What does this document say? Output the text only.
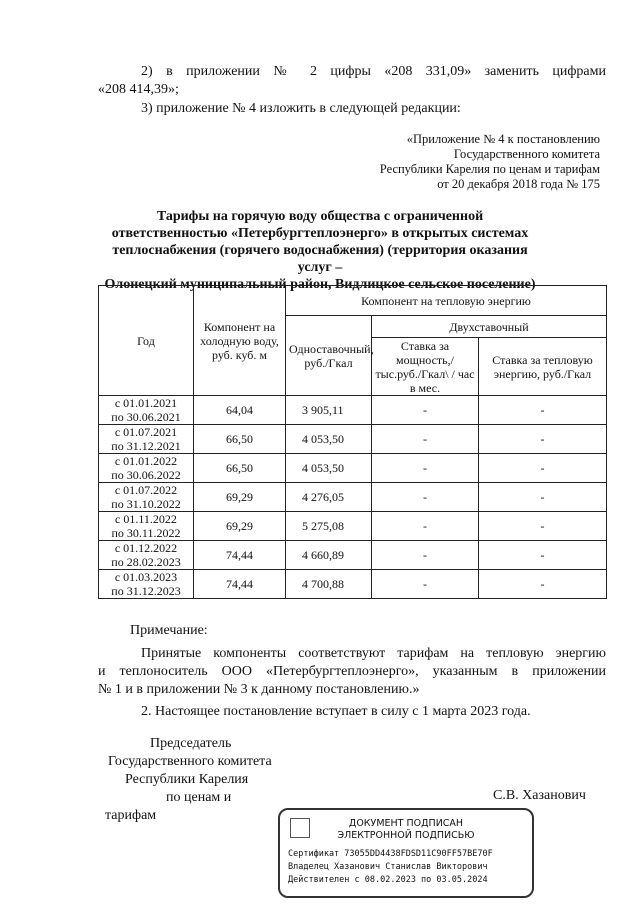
2) в приложении № 2 цифры «208 331,09» заменить цифрами
«208 414,39»;
3) приложение № 4 изложить в следующей редакции:
«Приложение № 4 к постановлению
Государственного комитета
Республики Карелия по ценам и тарифам
от 20 декабря 2018 года № 175
Тарифы на горячую воду общества с ограниченной
ответственностью «Петербургтеплоэнерго» в открытых системах
теплоснабжения (горячего водоснабжения) (территория оказания услуг –
Олонецкий муниципальный район, Видлицкое сельское поселение)
Год	Компонент на холодную воду, руб. куб. м	Компонент на тепловую энергию		
		Одноставочный, руб./Гкал	Двухставочный	
			Ставка за мощность,/ тыс.руб./Гкал\ / час в мес.	Ставка за тепловую энергию, руб./Гкал

с 01.01.2021
по 30.06.2021	64,04	3 905,11	-	-

с 01.07.2021
по 31.12.2021	66,50	4 053,50	-	-

с 01.01.2022
по 30.06.2022	66,50	4 053,50	-	-

с 01.07.2022
по 31.10.2022	69,29	4 276,05	-	-

с 01.11.2022
по 30.11.2022	69,29	5 275,08	-	-

с 01.12.2022
по 28.02.2023	74,44	4 660,89	-	-

с 01.03.2023
по 31.12.2023	74,44	4 700,88	-	-
Примечание:
Принятые компоненты соответствуют тарифам на тепловую энергию
и теплоноситель ООО «Петербургтеплоэнерго», указанным в приложении
№ 1 и в приложении № 3 к данному постановлению.»
2. Настоящее постановление вступает в силу с 1 марта 2023 года.
Председатель
Государственного комитета
Республики Карелия
по ценам и
тарифам
С.В. Хазанович
ДОКУМЕНТ ПОДПИСАН
ЭЛЕКТРОННОЙ ПОДПИСЬЮ
Сертификат 73055DD4438FDSD11C90FF57BE70F
Владелец Хазанович Станислав Викторович
Действителен с 08.02.2023 по 03.05.2024
